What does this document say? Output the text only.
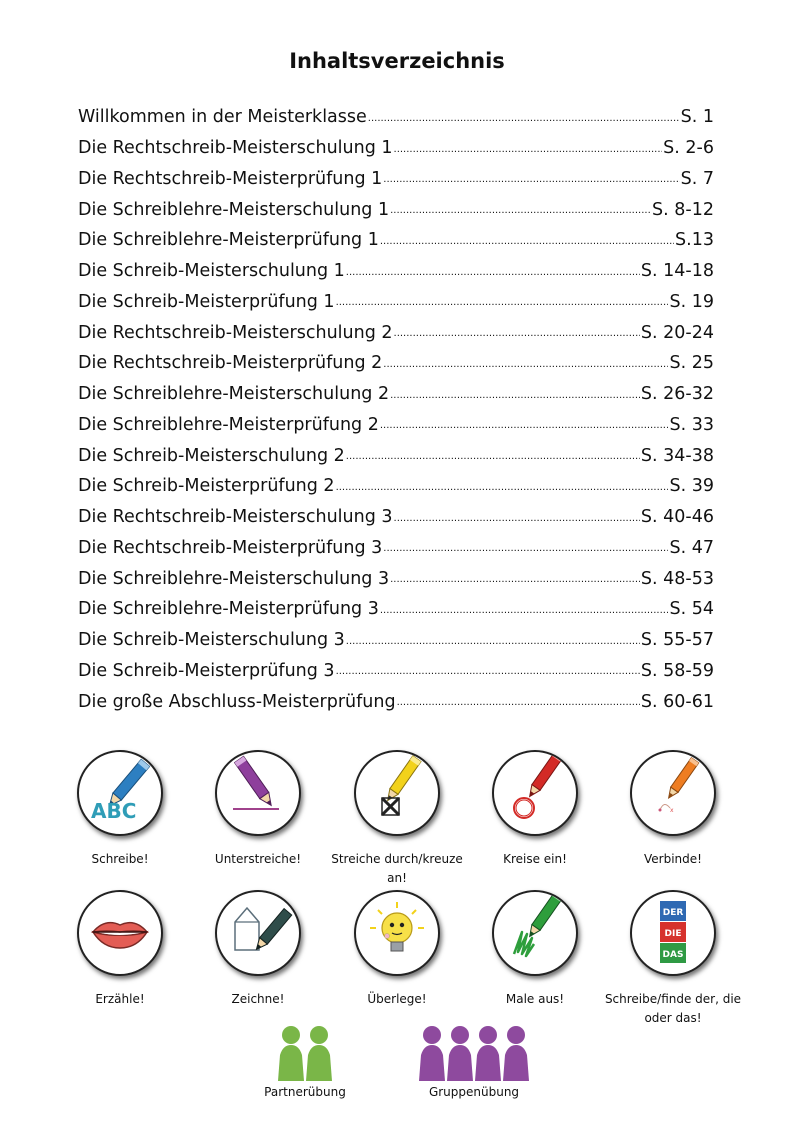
Inhaltsverzeichnis
Willkommen in der Meisterklasse .....	S. 1
Die Rechtschreib-Meisterschulung 1 .....	S. 2-6
Die Rechtschreib-Meisterprüfung 1 .....	S. 7
Die Schreiblehre-Meisterschulung 1 .....	S. 8-12
Die Schreiblehre-Meisterprüfung 1 .....	S.13
Die Schreib-Meisterschulung 1 .....	S. 14-18
Die Schreib-Meisterprüfung 1 .....	S. 19
Die Rechtschreib-Meisterschulung 2 .....	S. 20-24
Die Rechtschreib-Meisterprüfung 2 .....	S. 25
Die Schreiblehre-Meisterschulung 2 .....	S. 26-32
Die Schreiblehre-Meisterprüfung 2 .....	S. 33
Die Schreib-Meisterschulung 2 .....	S. 34-38
Die Schreib-Meisterprüfung 2 .....	S. 39
Die Rechtschreib-Meisterschulung 3 .....	S. 40-46
Die Rechtschreib-Meisterprüfung 3 .....	S. 47
Die Schreiblehre-Meisterschulung 3 .....	S. 48-53
Die Schreiblehre-Meisterprüfung 3 .....	S. 54
Die Schreib-Meisterschulung 3 .....	S. 55-57
Die Schreib-Meisterprüfung 3 .....	S. 58-59
Die große Abschluss-Meisterprüfung .....	S. 60-61
ABC
Schreibe!	Unterstreiche!	Streiche durch/kreuze an!
Kreise ein!
x
Verbinde!
Erzähle!	Zeichne!	Überlege!	Male aus!
DER
DIE
DAS
Schreibe/finde der, die oder das!
Partnerübung	Gruppenübung
